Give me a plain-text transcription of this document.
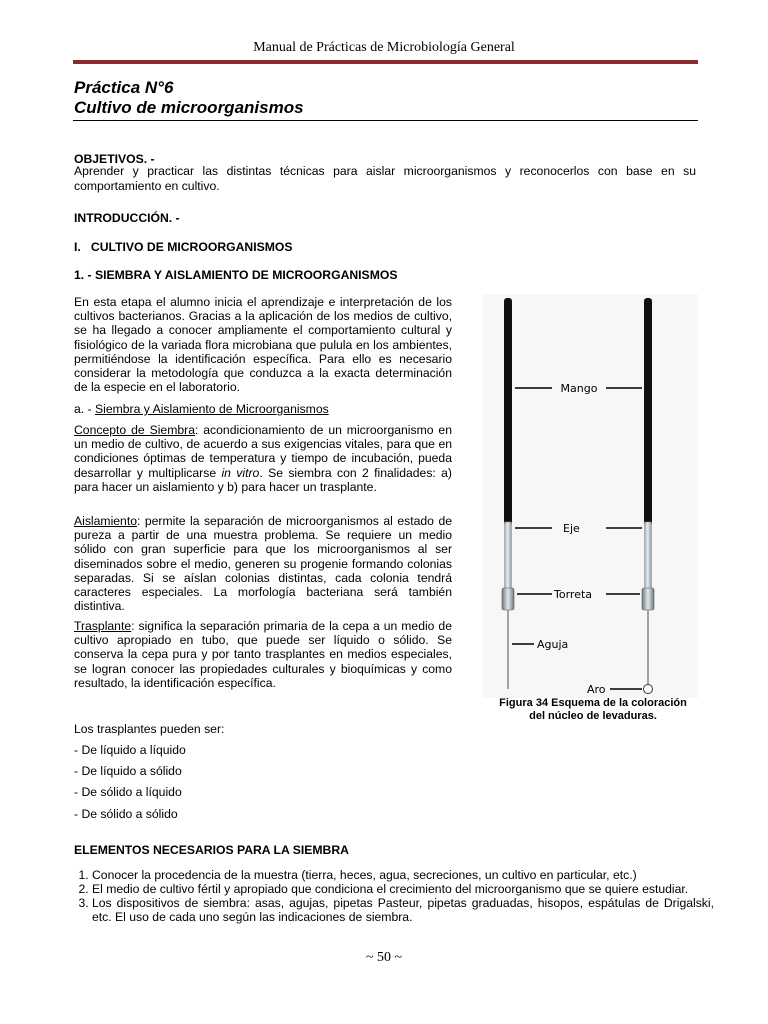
Manual de Prácticas de Microbiología General
Práctica N°6
Cultivo de microorganismos
OBJETIVOS. -
Aprender y practicar las distintas técnicas para aislar microorganismos y reconocerlos con base en su comportamiento en cultivo.
INTRODUCCIÓN. -
I.   CULTIVO DE MICROORGANISMOS
1. - SIEMBRA Y AISLAMIENTO DE MICROORGANISMOS
En esta etapa el alumno inicia el aprendizaje e interpretación de los cultivos bacterianos. Gracias a la aplicación de los medios de cultivo, se ha llegado a conocer ampliamente el comportamiento cultural y fisiológico de la variada flora microbiana que pulula en los ambientes, permitiéndose la identificación específica. Para ello es necesario considerar la metodología que conduzca a la exacta determinación de la especie en el laboratorio.
a. - Siembra y Aislamiento de Microorganismos
Concepto de Siembra: acondicionamiento de un microorganismo en un medio de cultivo, de acuerdo a sus exigencias vitales, para que en condiciones óptimas de temperatura y tiempo de incubación, pueda desarrollar y multiplicarse in vitro. Se siembra con 2 finalidades: a) para hacer un aislamiento y b) para hacer un trasplante.
Aislamiento: permite la separación de microorganismos al estado de pureza a partir de una muestra problema. Se requiere un medio sólido con gran superficie para que los microorganismos al ser diseminados sobre el medio, generen su progenie formando colonias separadas. Si se aíslan colonias distintas, cada colonia tendrá caracteres especiales. La morfología bacteriana será también distintiva.
Trasplante: significa la separación primaria de la cepa a un medio de cultivo apropiado en tubo, que puede ser líquido o sólido. Se conserva la cepa pura y por tanto trasplantes en medios especiales, se logran conocer las propiedades culturales y bioquímicas y como resultado, la identificación específica.
Los trasplantes pueden ser:
- De líquido a líquido
- De líquido a sólido
- De sólido a líquido
- De sólido a sólido
ELEMENTOS NECESARIOS PARA LA SIEMBRA
1. Conocer la procedencia de la muestra (tierra, heces, agua, secreciones, un cultivo en particular, etc.)
2. El medio de cultivo fértil y apropiado que condiciona el crecimiento del microorganismo que se quiere estudiar.
3. Los dispositivos de siembra: asas, agujas, pipetas Pasteur, pipetas graduadas, hisopos, espátulas de Drigalski, etc. El uso de cada uno según las indicaciones de siembra.
Mango
Eje
Torreta
Aguja
Aro
Figura 34 Esquema de la coloración
del núcleo de levaduras.
~ 50 ~
